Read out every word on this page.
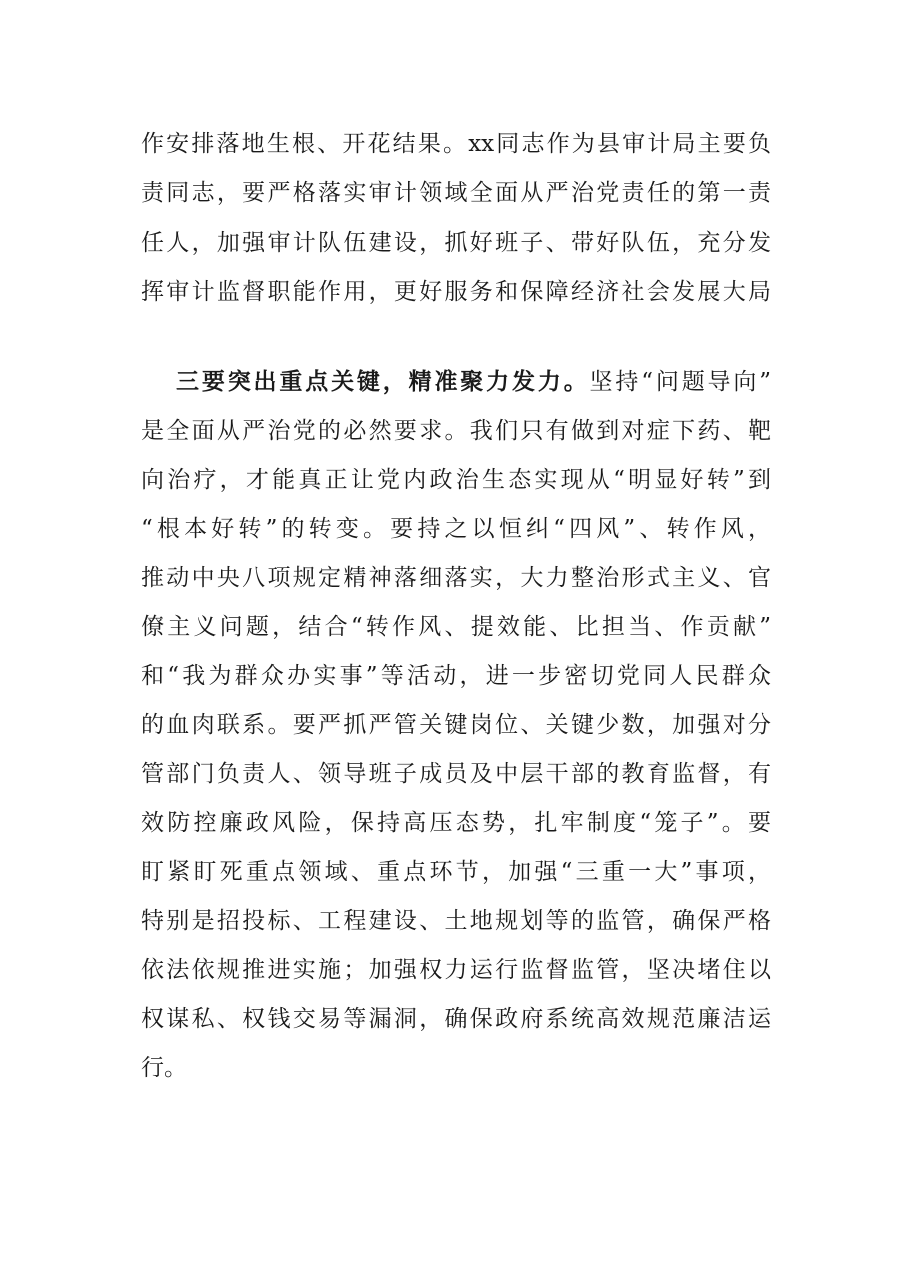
作安排落地生根、开花结果。xx同志作为县审计局主要负
责同志，要严格落实审计领域全面从严治党责任的第一责
任人，加强审计队伍建设，抓好班子、带好队伍，充分发
挥审计监督职能作用，更好服务和保障经济社会发展大局
三要突出重点关键，精准聚力发力。坚持“问题导向”
是全面从严治党的必然要求。我们只有做到对症下药、靶
向治疗，才能真正让党内政治生态实现从“明显好转”到
“根本好转”的转变。要持之以恒纠“四风”、转作风，
推动中央八项规定精神落细落实，大力整治形式主义、官
僚主义问题，结合“转作风、提效能、比担当、作贡献”
和“我为群众办实事”等活动，进一步密切党同人民群众
的血肉联系。要严抓严管关键岗位、关键少数，加强对分
管部门负责人、领导班子成员及中层干部的教育监督，有
效防控廉政风险，保持高压态势，扎牢制度“笼子”。要
盯紧盯死重点领域、重点环节，加强“三重一大”事项，
特别是招投标、工程建设、土地规划等的监管，确保严格
依法依规推进实施；加强权力运行监督监管，坚决堵住以
权谋私、权钱交易等漏洞，确保政府系统高效规范廉洁运
行。
